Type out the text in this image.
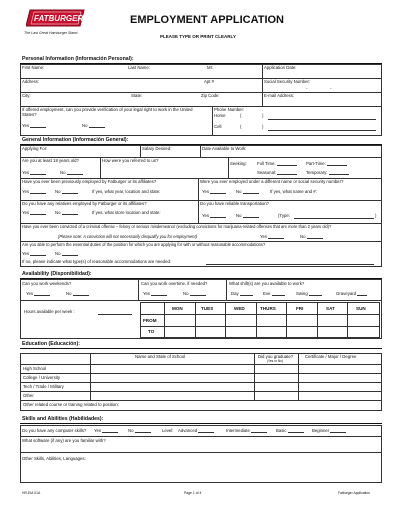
FATBURGER
The Last Great Hamburger Stand
EMPLOYMENT APPLICATION
PLEASE TYPE OR PRINT CLEARLY
Personal Information (Información Personal):
First Name:	Last Name:	MI:	Application Date:
Address:	Apt #	Social Security Number:
-	-
City:	State:	Zip Code:	E-mail Address:
If offered employment, can you provide verification of your legal right to work in the United States?
Yes	No
Phone Number:
Home	(	)
Cell	(	)
General Information (Información General):
Applying For:	Salary Desired:	Date Available to Work:
Are you at least 18 years old?
Yes	No
How were you referred to us?
Seeking: Full Time:	Part-Time:
Seasonal:	Temporary:
Have you ever been previously employed by Fatburger or its affiliates?
Yes	No	If yes, what year, location and state:
Were you ever employed under a different name or social security number?
Yes	No	If yes, what name and #:
Do you have any relatives employed by Fatburger or its affiliates?
Yes	No	If yes, what store location and state:
Do you have reliable transportation?
Yes	No	(Type:	)
Have you ever been convicted of a criminal offense – felony or serious misdemeanor (excluding convictions for marijuana-related offenses that are more than 2 years old)?
(Please note: A conviction will not necessarily disqualify you for employment)	Yes	No
Are you able to perform the essential duties of the position for which you are applying for with or without reasonable accommodations?
Yes	No
If no, please indicate what type(s) of reasonable accommodations are needed:
Availability (Disponibilidad):
Can you work weekends?
Yes	No
Can you work overtime, if needed?
Yes	No
What shift(s) are you available to work?
Day	Eve	Swing	Graveyard
Hours available per week :
MON	TUES	WED	THURS	FRI	SAT	SUN
FROM
TO
Education (Educación):
Name and State of School	Did you graduate?
(Yes or No)
Certificate / Major / Degree
High School
College / University
Tech / Trade / Military
Other
Other related course or training related to position:
Skills and Abilities (Habilidades):
Do you have any computer skills? Yes	No	Level: Advanced	Intermediate	Basic	Beginner
What software (if any) are you familiar with?
Other Skills, Abilities, Languages:
HR-EM-01A	Page 1 of 4	Fatburger Application
